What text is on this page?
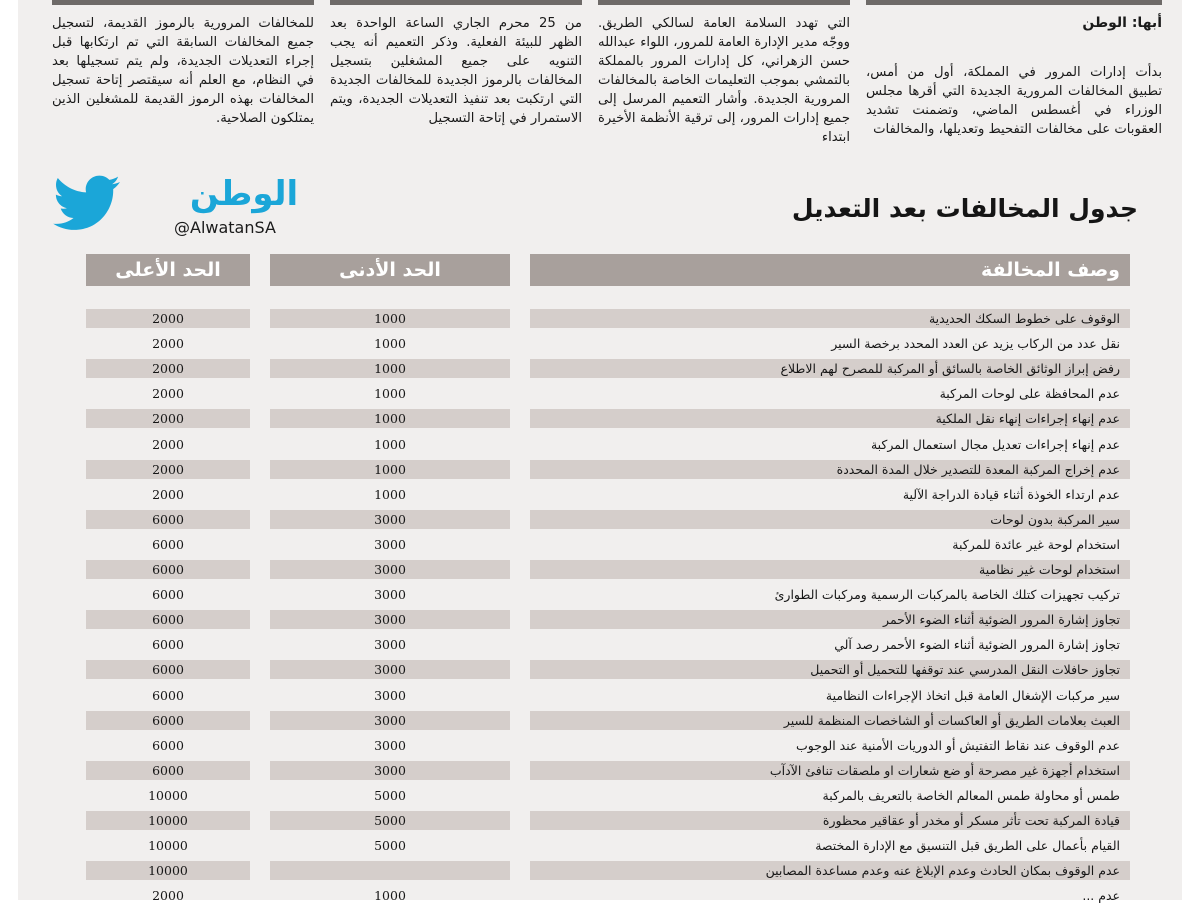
أبها: الوطن

بدأت إدارات المرور في المملكة، أول من أمس، تطبيق المخالفات المرورية الجديدة التي أقرها مجلس الوزراء في أغسطس الماضي، وتضمنت تشديد العقوبات على مخالفات التفحيط وتعديلها، والمخالفات

التي تهدد السلامة العامة لسالكي الطريق. ووجّه مدير الإدارة العامة للمرور، اللواء عبدالله حسن الزهراني، كل إدارات المرور بالمملكة بالتمشي بموجب التعليمات الخاصة بالمخالفات المرورية الجديدة. وأشار التعميم المرسل إلى جميع إدارات المرور، إلى ترقية الأنظمة الأخيرة ابتداء

من 25 محرم الجاري الساعة الواحدة بعد الظهر للبيئة الفعلية. وذكر التعميم أنه يجب التنويه على جميع المشغلين بتسجيل المخالفات بالرموز الجديدة للمخالفات الجديدة التي ارتكبت بعد تنفيذ التعديلات الجديدة، ويتم الاستمرار في إتاحة التسجيل

للمخالفات المرورية بالرموز القديمة، لتسجيل جميع المخالفات السابقة التي تم ارتكابها قبل إجراء التعديلات الجديدة، ولم يتم تسجيلها بعد في النظام، مع العلم أنه سيقتصر إتاحة تسجيل المخالفات بهذه الرموز القديمة للمشغلين الذين يمتلكون الصلاحية.

الوطن
@AlwatanSA
جدول المخالفات بعد التعديل
وصف المخالفة
الحد الأدنى
الحد الأعلى
الوقوف على خطوط السكك الحديدية
1000
2000
نقل عدد من الركاب يزيد عن العدد المحدد برخصة السير
1000
2000
رفض إبراز الوثائق الخاصة بالسائق أو المركبة للمصرح لهم الاطلاع
1000
2000
عدم المحافظة على لوحات المركبة
1000
2000
عدم إنهاء إجراءات إنهاء نقل الملكية
1000
2000
عدم إنهاء إجراءات تعديل مجال استعمال المركبة
1000
2000
عدم إخراج المركبة المعدة للتصدير خلال المدة المحددة
1000
2000
عدم ارتداء الخوذة أثناء قيادة الدراجة الآلية
1000
2000
سير المركبة بدون لوحات
3000
6000
استخدام لوحة غير عائدة للمركبة
3000
6000
استخدام لوحات غير نظامية
3000
6000
تركيب تجهيزات كتلك الخاصة بالمركبات الرسمية ومركبات الطوارئ
3000
6000
تجاوز إشارة المرور الضوئية أثناء الضوء الأحمر
3000
6000
تجاوز إشارة المرور الضوئية أثناء الضوء الأحمر رصد آلي
3000
6000
تجاوز حافلات النقل المدرسي عند توقفها للتحميل أو التحميل
3000
6000
سير مركبات الإشغال العامة قبل اتخاذ الإجراءات النظامية
3000
6000
العبث بعلامات الطريق أو العاكسات أو الشاخصات المنظمة للسير
3000
6000
عدم الوقوف عند نقاط التفتيش أو الدوريات الأمنية عند الوجوب
3000
6000
استخدام أجهزة غير مصرحة أو ضع شعارات او ملصقات تنافئ الآدآب
3000
6000
طمس أو محاولة طمس المعالم الخاصة بالتعريف بالمركبة
5000
10000
قيادة المركبة تحت تأثر مسكر أو مخدر أو عقاقير محظورة
5000
10000
القيام بأعمال على الطريق قبل التنسيق مع الإدارة المختصة
5000
10000
عدم الوقوف بمكان الحادث وعدم الإبلاغ عنه وعدم مساعدة المصابين
10000
عدم ...
1000
2000
